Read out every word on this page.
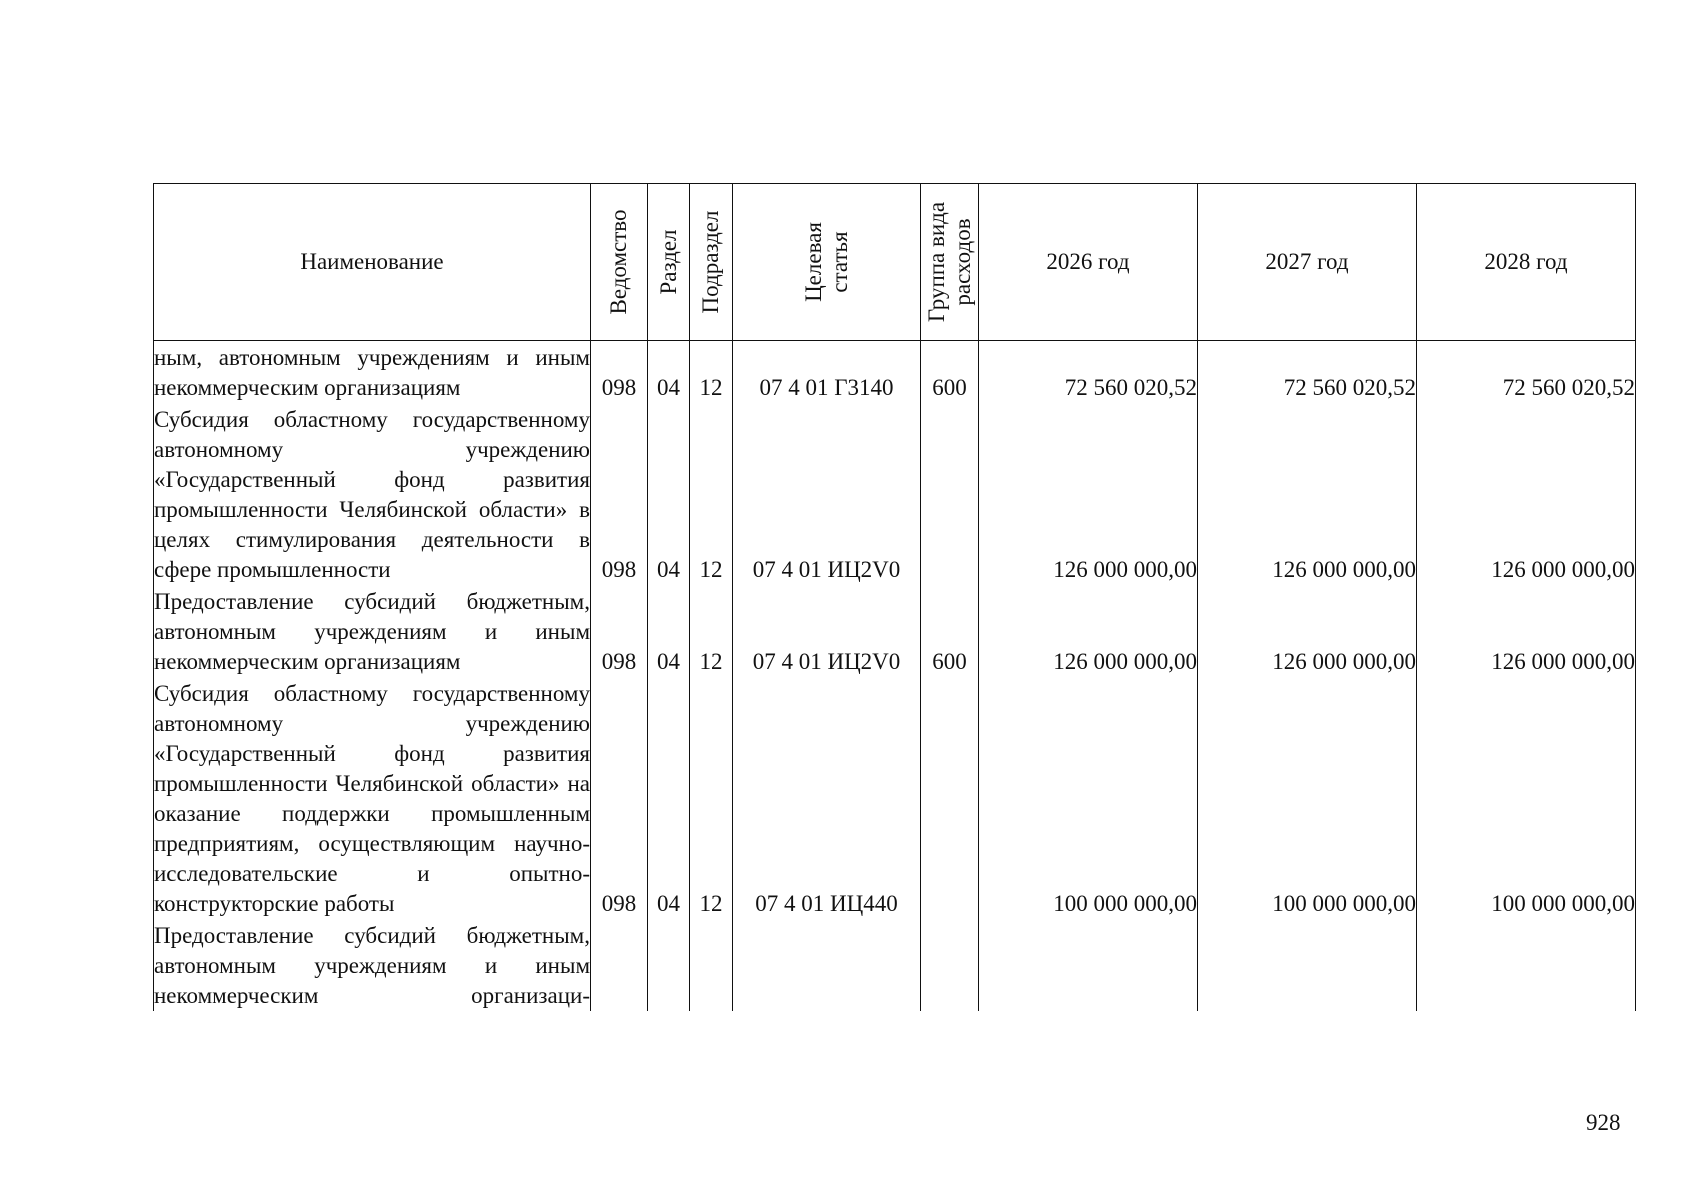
Наименование	Ведомство	Раздел	Подраздел	Целевая статья	Группа вида расходов	2026 год	2027 год	2028 год
ным, автономным учреждениям и иным некоммерческим организациям	098	04	12	07 4 01 Г3140	600	72 560 020,52	72 560 020,52	72 560 020,52
Субсидия областному государственному автономному учреждению «Государственный фонд развития промышленности Челябинской области» в целях стимулирования деятельности в сфере промышленности	098	04	12	07 4 01 ИЦ2V0		126 000 000,00	126 000 000,00	126 000 000,00
Предоставление субсидий бюджетным, автономным учреждениям и иным некоммерческим организациям	098	04	12	07 4 01 ИЦ2V0	600	126 000 000,00	126 000 000,00	126 000 000,00
Субсидия областному государственному автономному учреждению «Государственный фонд развития промышленности Челябинской области» на оказание поддержки промышленным предприятиям, осуществляющим научно-исследовательские и опытно-конструкторские работы	098	04	12	07 4 01 ИЦ440		100 000 000,00	100 000 000,00	100 000 000,00
Предоставление субсидий бюджетным, автономным учреждениям и иным некоммерческим организаци-								
928
